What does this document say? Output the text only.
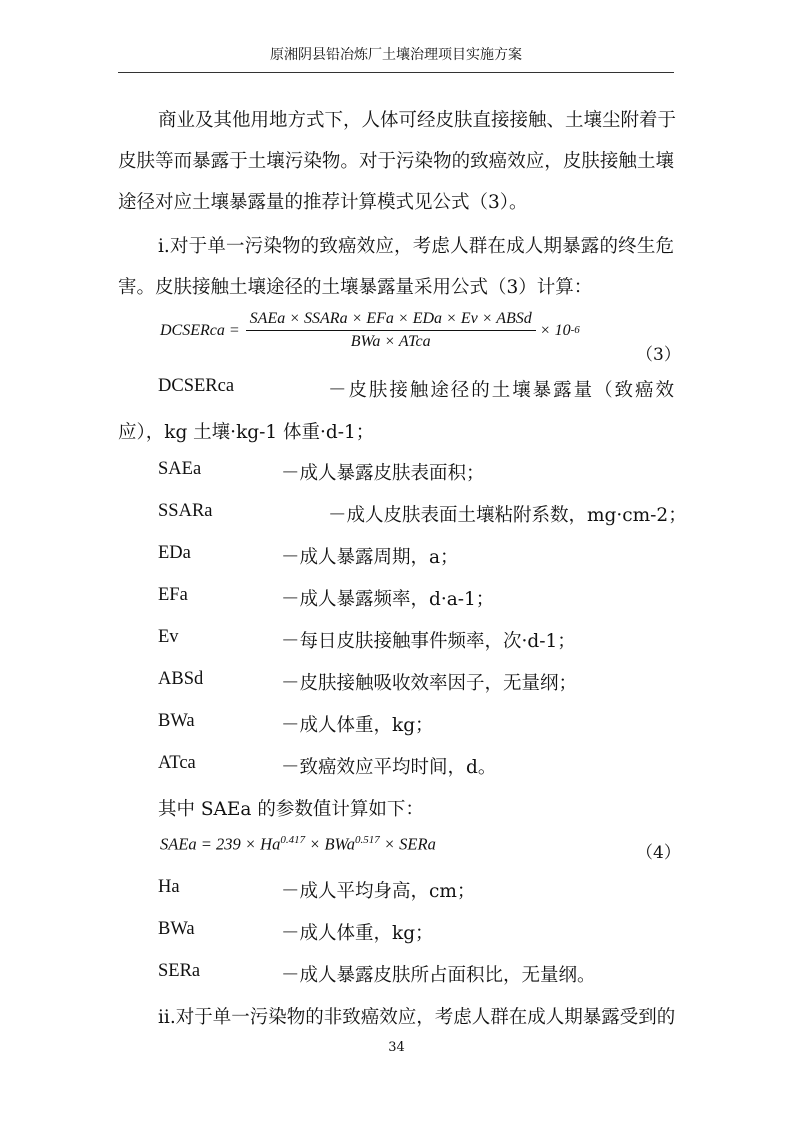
原湘阴县铅冶炼厂土壤治理项目实施方案
商业及其他用地方式下，人体可经皮肤直接接触、土壤尘附着于
皮肤等而暴露于土壤污染物。对于污染物的致癌效应，皮肤接触土壤
途径对应土壤暴露量的推荐计算模式见公式（3）。
i.对于单一污染物的致癌效应，考虑人群在成人期暴露的终生危
害。皮肤接触土壤途径的土壤暴露量采用公式（3）计算：
DCSERca = $\frac{\text{SAEa × SSARa × EFa × EDa × Ev × ABSd}}{\text{BWa × ATca}} \times 10$ -6
（3）
DCSERca	－皮肤接触途径的土壤暴露量（致癌效
应），kg 土壤·kg-1 体重·d-1；
SAEa	－成人暴露皮肤表面积；
SSARa	－成人皮肤表面土壤粘附系数，mg·cm-2；
EDa	－成人暴露周期，a；
EFa	－成人暴露频率，d·a-1；
Ev	－每日皮肤接触事件频率，次·d-1；
ABSd	－皮肤接触吸收效率因子，无量纲；
BWa	－成人体重，kg；
ATca	－致癌效应平均时间，d。
其中 SAEa 的参数值计算如下：
SAEa = $239 \times Ha^{0.417} \times BWa^{0.517}$ × SERa	（4）
Ha	－成人平均身高，cm；
BWa	－成人体重，kg；
SERa	－成人暴露皮肤所占面积比，无量纲。
ii.对于单一污染物的非致癌效应，考虑人群在成人期暴露受到的
34
